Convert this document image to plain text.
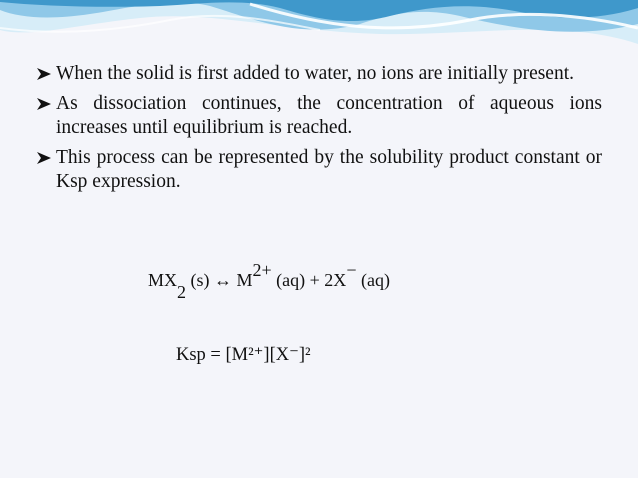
When the solid is first added to water, no ions are initially present.

As dissociation continues, the concentration of aqueous ions increases until equilibrium is reached.

This process can be represented by the solubility product constant or Ksp expression.

MX2 (s) ↔ M2+ (aq) + 2X− (aq)
Ksp = [M²⁺][X⁻]²
